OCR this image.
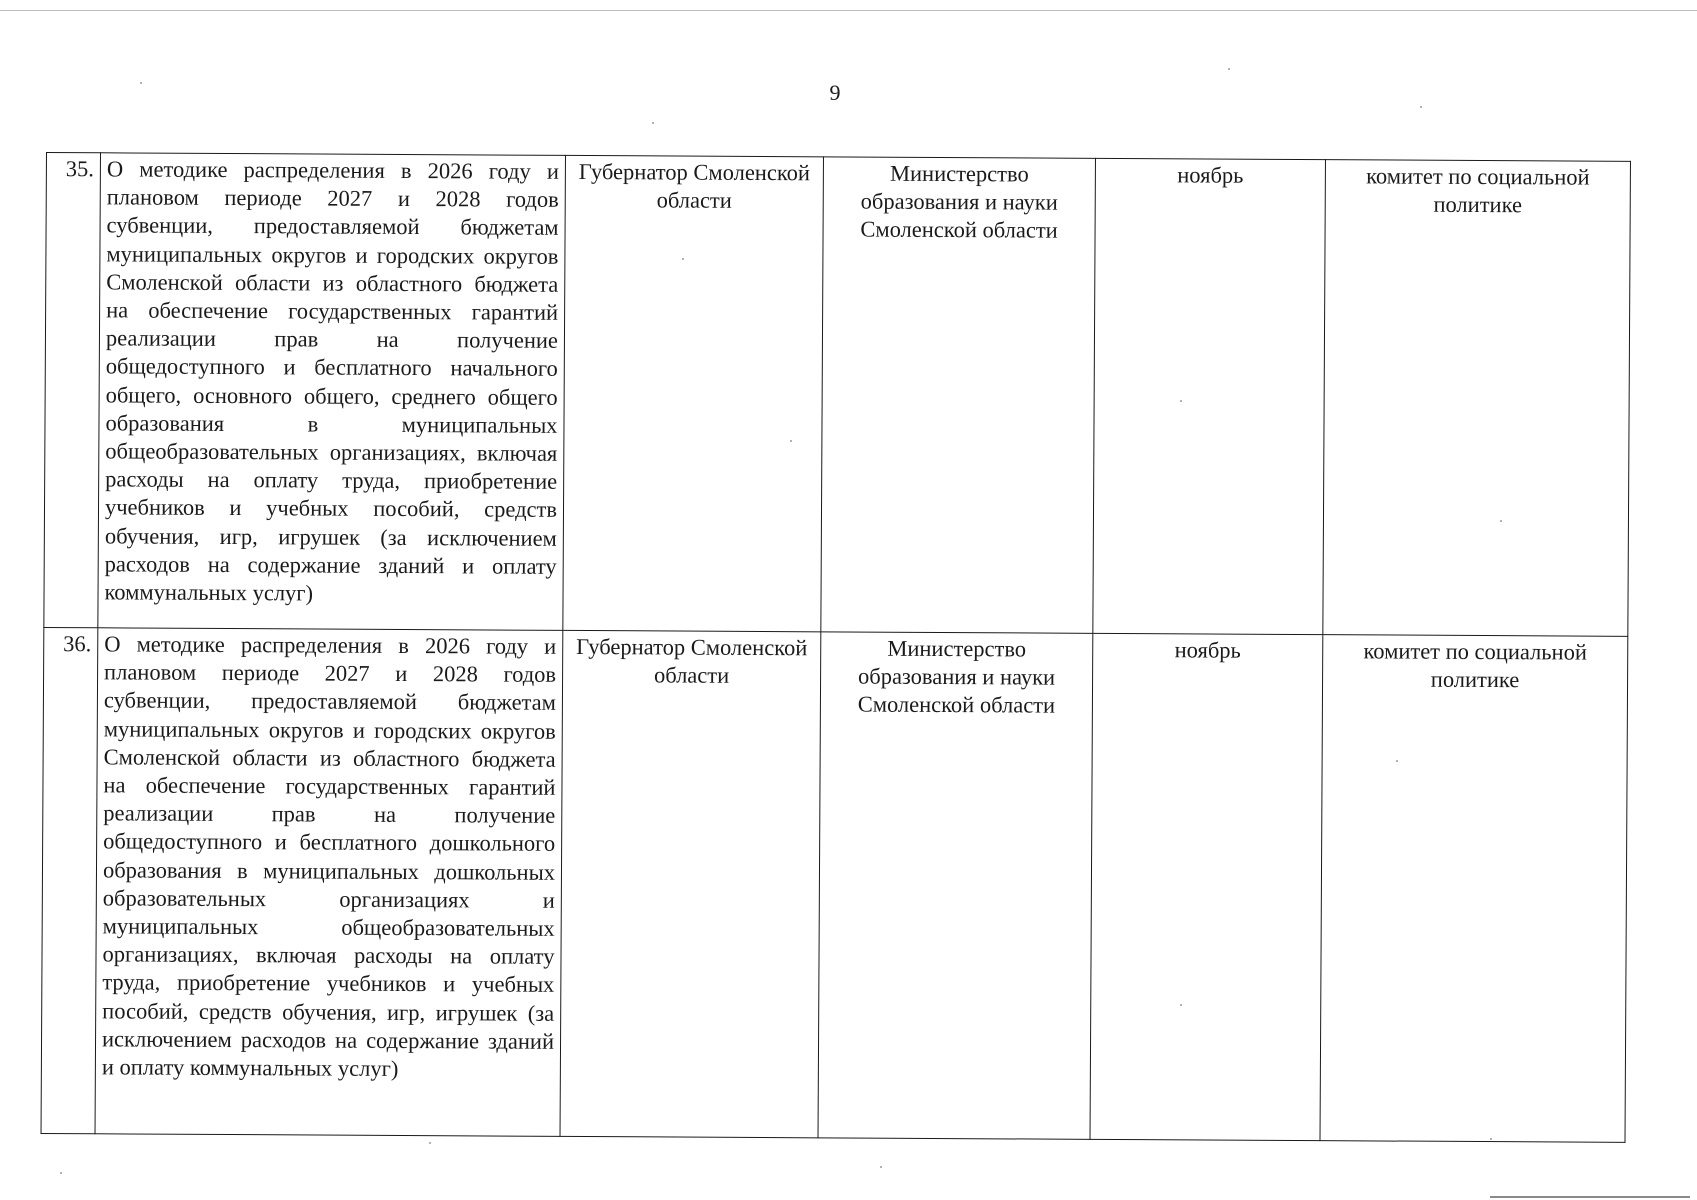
9
35.	О методике распределения в 2026 году и плановом периоде 2027 и 2028 годов субвенции, предоставляемой бюджетам муниципальных округов и городских округов Смоленской области из областного бюджета на обеспечение государственных гарантий реализации прав на получение общедоступного и бесплатного начального общего, основного общего, среднего общего образования в муниципальных общеобразовательных организациях, включая расходы на оплату труда, приобретение учебников и учебных пособий, средств обучения, игр, игрушек (за исключением расходов на содержание зданий и оплату коммунальных услуг)	Губернатор Смоленской области	Министерство образования и науки Смоленской области	ноябрь	комитет по социальной политике
36.	О методике распределения в 2026 году и плановом периоде 2027 и 2028 годов субвенции, предоставляемой бюджетам муниципальных округов и городских округов Смоленской области из областного бюджета на обеспечение государственных гарантий реализации прав на получение общедоступного и бесплатного дошкольного образования в муниципальных дошкольных образовательных организациях и муниципальных общеобразовательных организациях, включая расходы на оплату труда, приобретение учебников и учебных пособий, средств обучения, игр, игрушек (за исключением расходов на содержание зданий и оплату коммунальных услуг)	Губернатор Смоленской области	Министерство образования и науки Смоленской области	ноябрь	комитет по социальной политике
